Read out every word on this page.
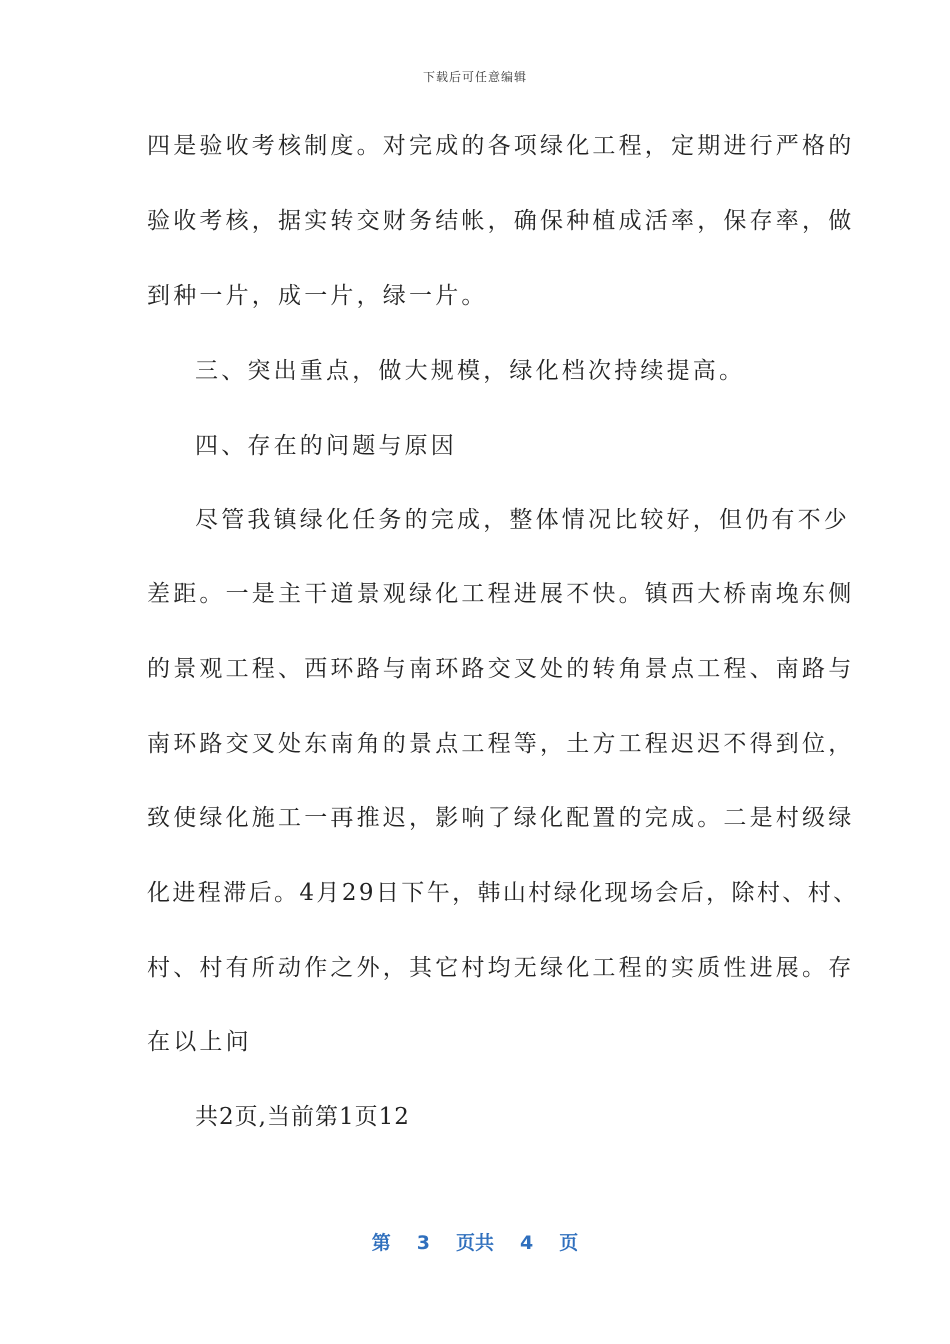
下载后可任意编辑
四是验收考核制度。对完成的各项绿化工程，定期进行严格的
验收考核，据实转交财务结帐，确保种植成活率，保存率，做
到种一片，成一片，绿一片。
三、突出重点，做大规模，绿化档次持续提高。
四、存在的问题与原因
尽管我镇绿化任务的完成，整体情况比较好，但仍有不少
差距。一是主干道景观绿化工程进展不快。镇西大桥南堍东侧
的景观工程、西环路与南环路交叉处的转角景点工程、南路与
南环路交叉处东南角的景点工程等，土方工程迟迟不得到位，
致使绿化施工一再推迟，影响了绿化配置的完成。二是村级绿
化进程滞后。4月29日下午，韩山村绿化现场会后，除村、村、
村、村有所动作之外，其它村均无绿化工程的实质性进展。存
在以上问
共2页,当前第1页12
第 3 页共 4 页
